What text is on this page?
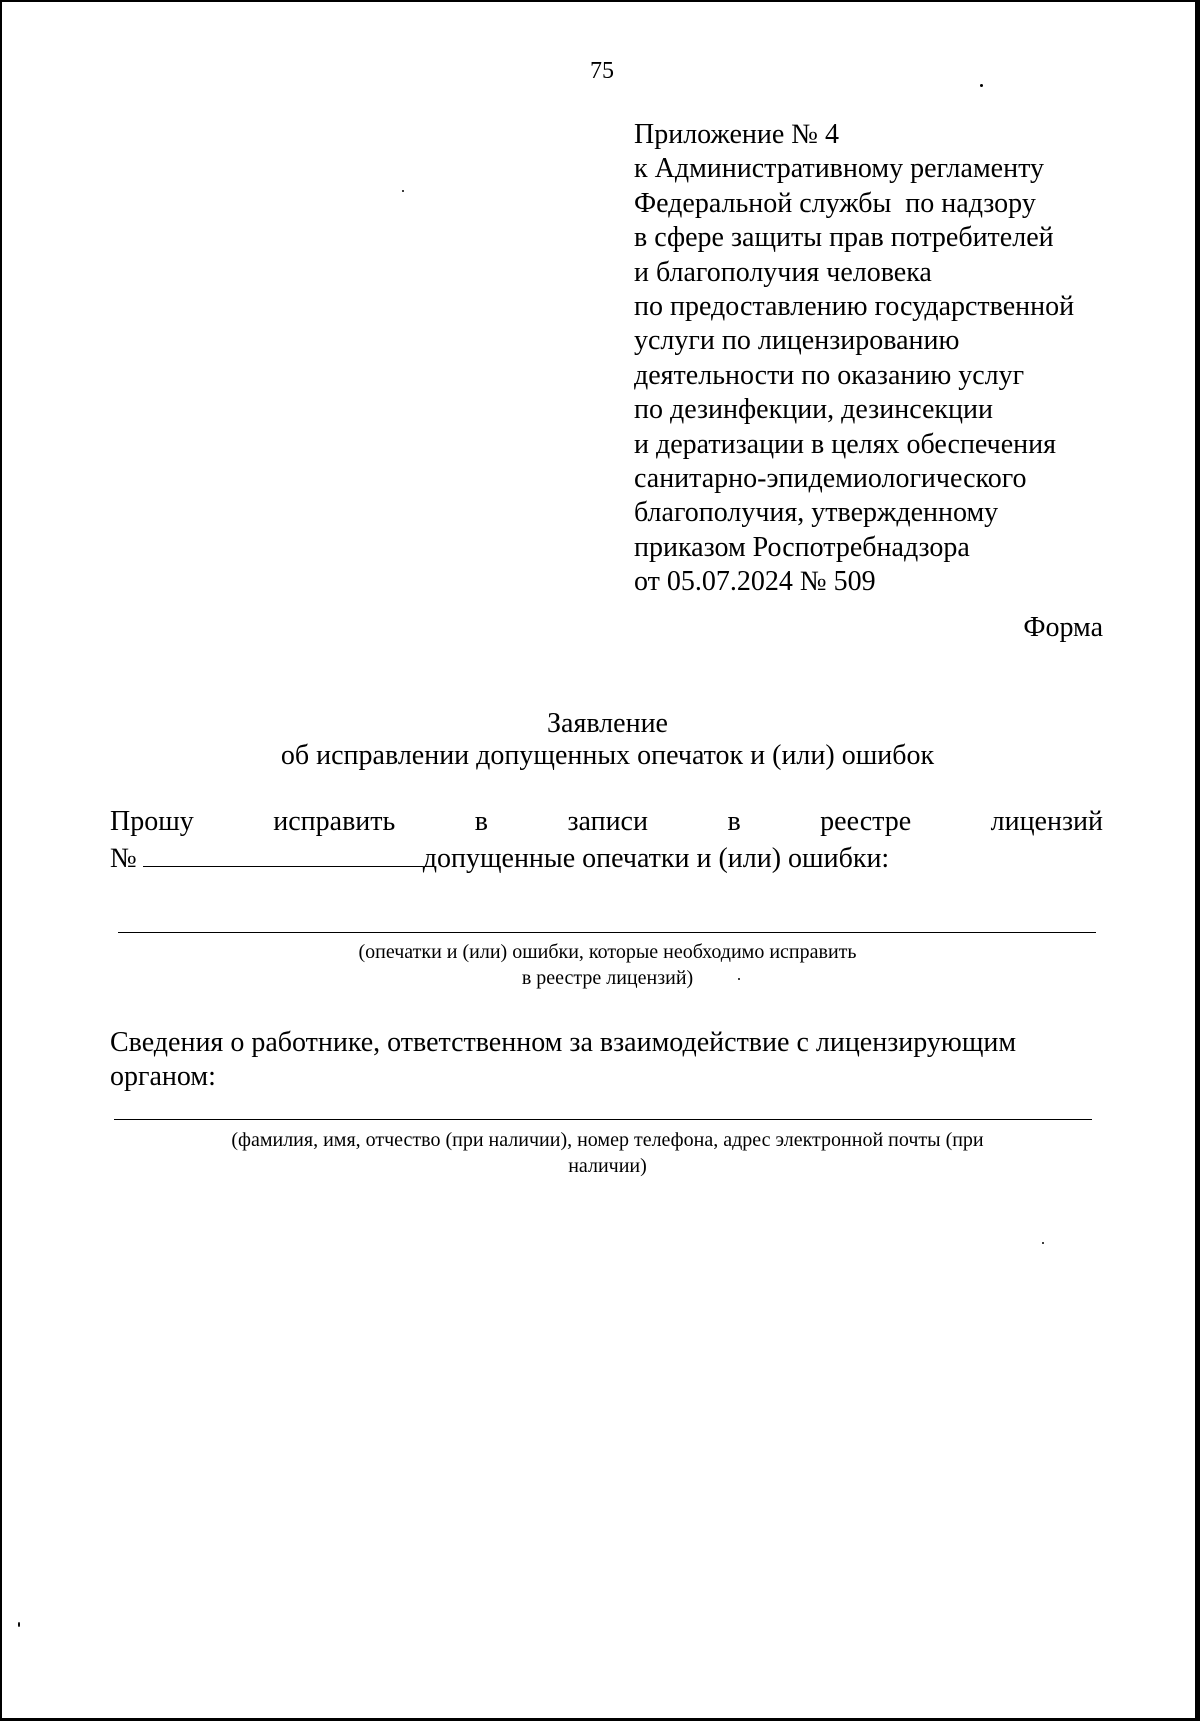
75
Приложение № 4
к Административному регламенту
Федеральной службы  по надзору
в сфере защиты прав потребителей
и благополучия человека
по предоставлению государственной
услуги по лицензированию
деятельности по оказанию услуг
по дезинфекции, дезинсекции
и дератизации в целях обеспечения
санитарно-эпидемиологического
благополучия, утвержденному
приказом Роспотребнадзора
от 05.07.2024 № 509
Форма
Заявление
об исправлении допущенных опечаток и (или) ошибок
Прошу	исправить	в	записи	в	реестре	лицензий
№	допущенные опечатки и (или) ошибки:
(опечатки и (или) ошибки, которые необходимо исправить
в реестре лицензий)
Сведения о работнике, ответственном за взаимодействие с лицензирующим органом:
(фамилия, имя, отчество (при наличии), номер телефона, адрес электронной почты (при
наличии)
